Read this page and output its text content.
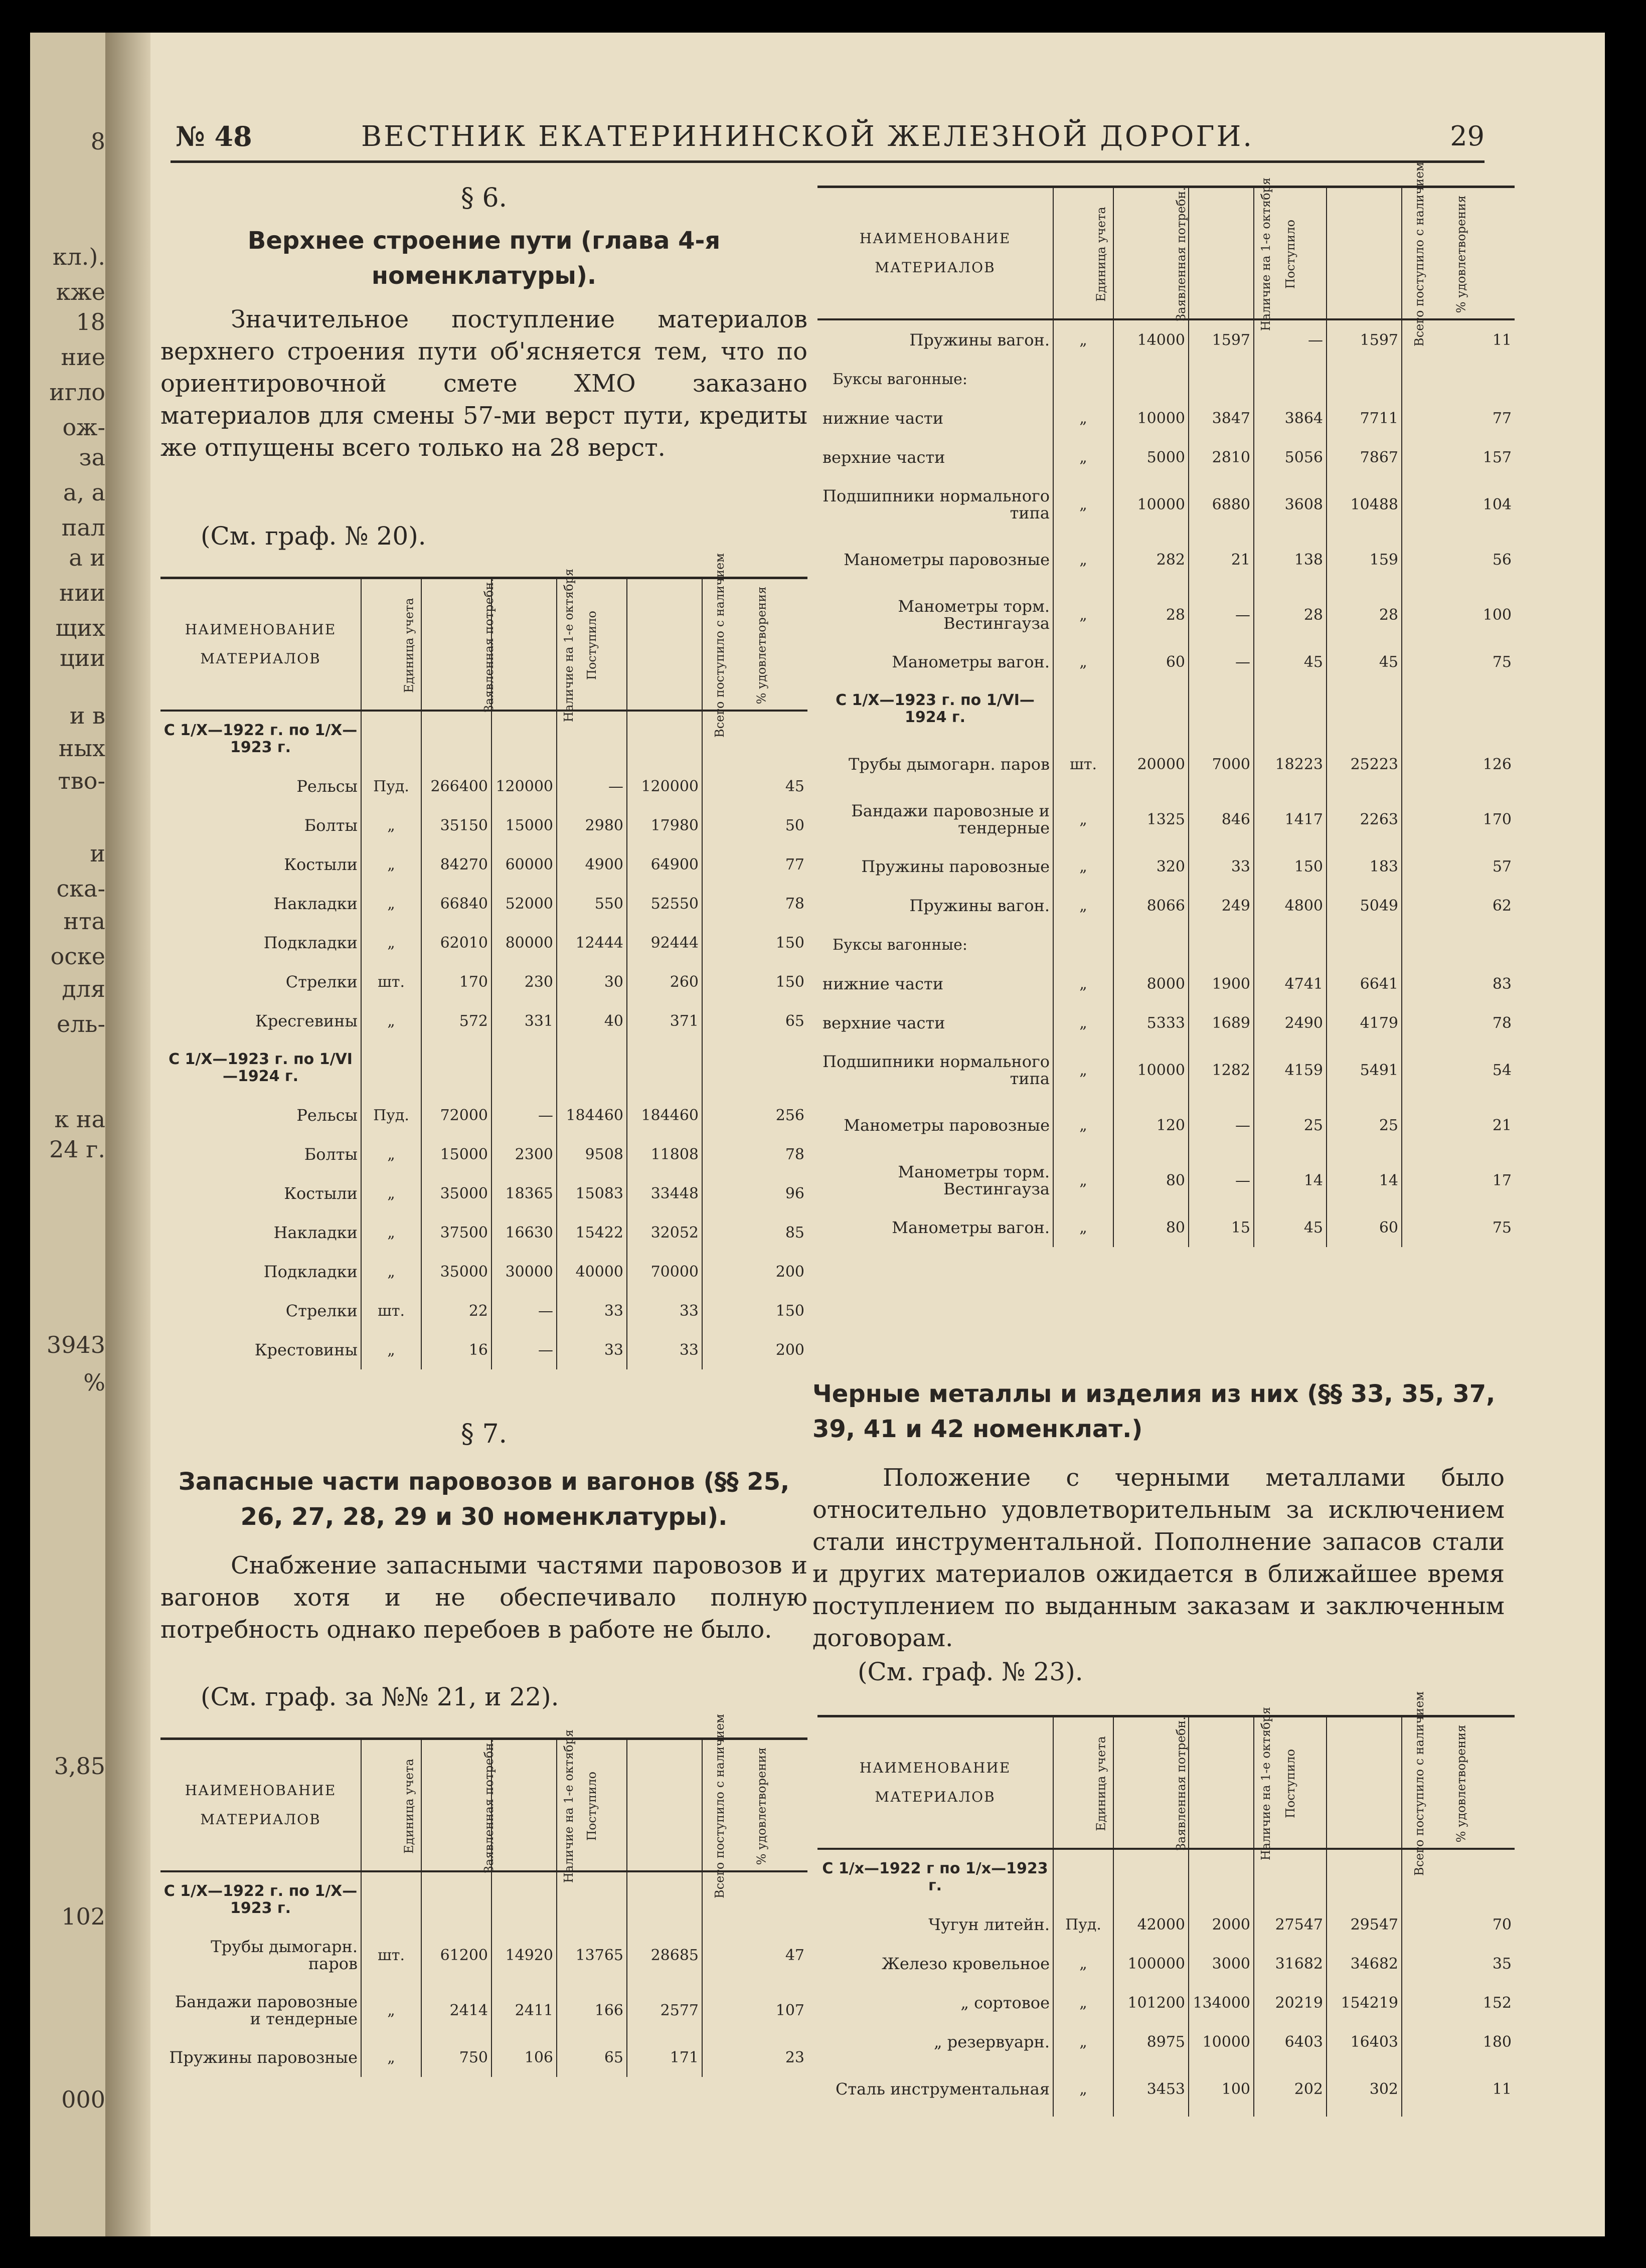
8
кл.).
кже
18
ние
игло
ож-
за
а, а
пал
а и
нии
щих
ции
и в
ных
тво-
и
ска-
нта
оске
для
ель-
к на
24 г.
3943
%
3,85
102
000
№ 48	ВЕСТНИК ЕКАТЕРИНИНСКОЙ ЖЕЛЕЗНОЙ ДОРОГИ.	29
§ 6.
Верхнее строение пути (глава 4-я номенклатуры).
Значительное поступление материалов верхнего строения пути об'ясняется тем, что по ориентировочной смете ХМО заказано материалов для смены 57-ми верст пути, кредиты же отпущены всего только на 28 верст.
(См. граф. № 20).
НАИМЕНОВАНИЕ МАТЕРИАЛОВ	Единица учета	Заявленная потребн.	Наличие на 1-е октября	Поступило	Всего поступило с наличием	% удовлетворения
С 1/Х—1922 г. по 1/Х—1923 г.						
Рельсы	Пуд.	266400	120000	—	120000	45
Болты	„	35150	15000	2980	17980	50
Костыли	„	84270	60000	4900	64900	77
Накладки	„	66840	52000	550	52550	78
Подкладки	„	62010	80000	12444	92444	150
Стрелки	шт.	170	230	30	260	150
Кресгевины	„	572	331	40	371	65
С 1/Х—1923 г. по 1/VI—1924 г.						
Рельсы	Пуд.	72000	—	184460	184460	256
Болты	„	15000	2300	9508	11808	78
Костыли	„	35000	18365	15083	33448	96
Накладки	„	37500	16630	15422	32052	85
Подкладки	„	35000	30000	40000	70000	200
Стрелки	шт.	22	—	33	33	150
Крестовины	„	16	—	33	33	200
§ 7.
Запасные части паровозов и вагонов (§§ 25, 26, 27, 28, 29 и 30 номенклатуры).
Снабжение запасными частями паровозов и вагонов хотя и не обеспечивало полную потребность однако перебоев в работе не было.
(См. граф. за №№ 21, и 22).
НАИМЕНОВАНИЕ МАТЕРИАЛОВ	Единица учета	Заявленная потребн.	Наличие на 1-е октября	Поступило	Всего поступило с наличием	% удовлетворения
С 1/Х—1922 г. по 1/Х—1923 г.						
Трубы дымогарн. паров	шт.	61200	14920	13765	28685	47
Бандажи паровозные и тендерные	„	2414	2411	166	2577	107
Пружины паровозные	„	750	106	65	171	23
НАИМЕНОВАНИЕ МАТЕРИАЛОВ	Единица учета	Заявленная потребн.	Наличие на 1-е октября	Поступило	Всего поступило с наличием	% удовлетворения
Пружины вагон.	„	14000	1597	—	1597	11
Буксы вагонные:						
нижние части	„	10000	3847	3864	7711	77
верхние части	„	5000	2810	5056	7867	157
Подшипники нормального типа	„	10000	6880	3608	10488	104
Манометры паровозные	„	282	21	138	159	56
Манометры торм. Вестингауза	„	28	—	28	28	100
Манометры вагон.	„	60	—	45	45	75
С 1/Х—1923 г. по 1/VI—1924 г.						
Трубы дымогарн. паров	шт.	20000	7000	18223	25223	126
Бандажи паровозные и тендерные	„	1325	846	1417	2263	170
Пружины паровозные	„	320	33	150	183	57
Пружины вагон.	„	8066	249	4800	5049	62
Буксы вагонные:						
нижние части	„	8000	1900	4741	6641	83
верхние части	„	5333	1689	2490	4179	78
Подшипники нормального типа	„	10000	1282	4159	5491	54
Манометры паровозные	„	120	—	25	25	21
Манометры торм. Вестингауза	„	80	—	14	14	17
Манометры вагон.	„	80	15	45	60	75
Черные металлы и изделия из них (§§ 33, 35, 37, 39, 41 и 42 номенклат.)
Положение с черными металлами было относительно удовлетворительным за исключением стали инструментальной. Пополнение запасов стали и других материалов ожидается в ближайшее время поступлением по выданным заказам и заключенным договорам.
(См. граф. № 23).
НАИМЕНОВАНИЕ МАТЕРИАЛОВ	Единица учета	Заявленная потребн.	Наличие на 1-е октября	Поступило	Всего поступило с наличием	% удовлетворения
С 1/х—1922 г по 1/х—1923 г.						
Чугун литейн.	Пуд.	42000	2000	27547	29547	70
Железо кровельное	„	100000	3000	31682	34682	35
„ сортовое	„	101200	134000	20219	154219	152
„ резервуарн.	„	8975	10000	6403	16403	180
Сталь инструментальная	„	3453	100	202	302	11
